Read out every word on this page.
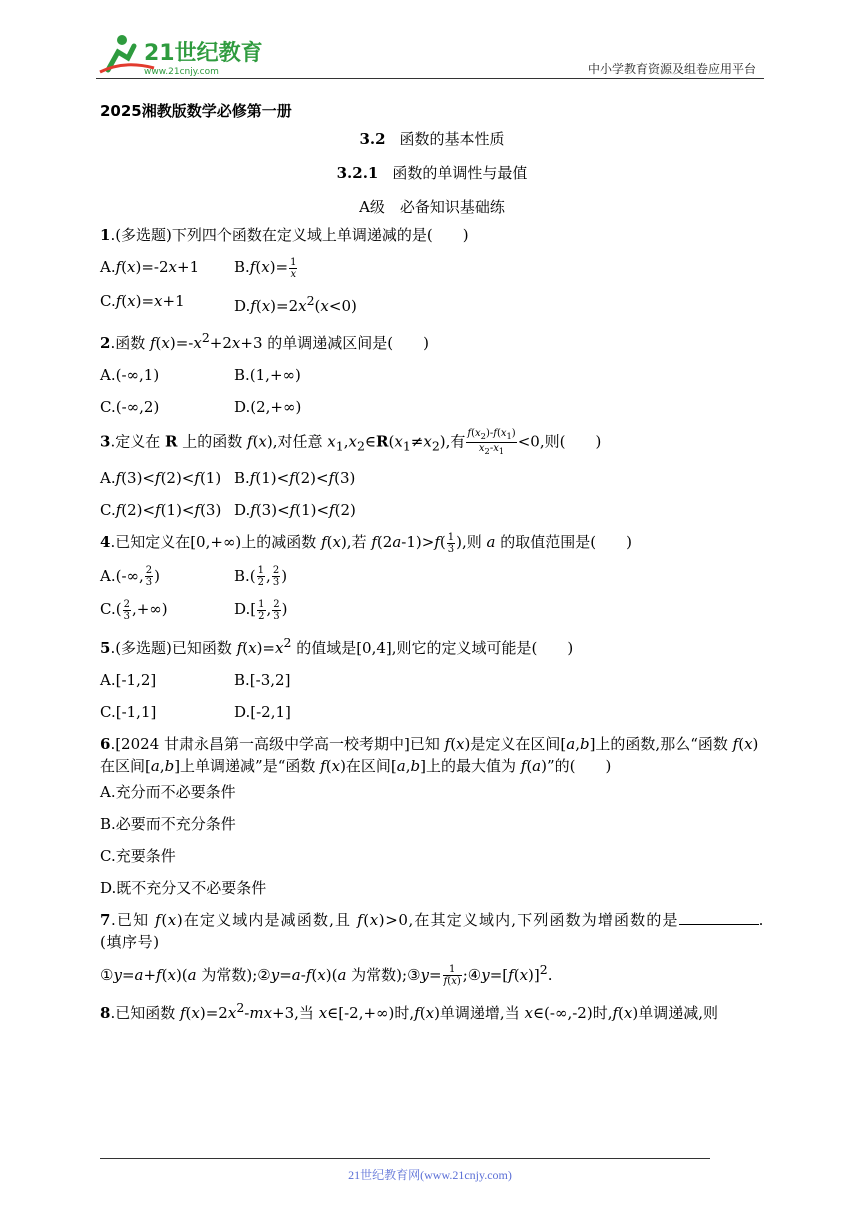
21世纪教育
www.21cnjy.com	中小学教育资源及组卷应用平台
2025湘教版数学必修第一册
3.2 函数的基本性质
3.2.1 函数的单调性与最值
A级　必备知识基础练
1.(多选题)下列四个函数在定义域上单调递减的是( )
A.f(x)=-2x+1	$B.f(x)= \frac{1}{x}$
C.f(x)=x+1	$D.f(x)=2x^2(x<0)$
2.函数 $f(x)=-x^2+2x+3$ 的单调递减区间是( )
A.(-∞,1)	B.(1,+∞)
C.(-∞,2)	D.(2,+∞)
3.定义在 R 上的函数 f(x),对任意 $x_1,x_2\in R(x_1\ne x_2)$,有 $\frac{f(x_2)-f(x_1)}{x_2-x_1} <0$,则( )
A.f(3)<f(2)<f(1) B.f(1)<f(2)<f(3)
C.f(2)<f(1)<f(3) D.f(3)<f(1)<f(2)
4.已知定义在[0,+∞)上的减函数 f(x),若 $f(2a-1)>f( \frac{1}{3}$ ),则 a 的取值范围是( )
A.(-∞, $\frac{2}{3}$ )	$B.( \frac{1}{2}$ , $\frac{2}{3}$ )
$C.( \frac{2}{3}$ ,+∞)	$D.[ \frac{1}{2}$ , $\frac{2}{3}$ )
5.(多选题)已知函数 $f(x)=x^2$ 的值域是[0,4],则它的定义域可能是( )
A.[-1,2]	B.[-3,2]
C.[-1,1]	D.[-2,1]
6.[2024 甘肃永昌第一高级中学高一校考期中]已知 f(x)是定义在区间[a,b]上的函数,那么“函数 f(x)在区间[a,b]上单调递减”是“函数 f(x)在区间[a,b]上的最大值为 f(a)”的( )
A.充分而不必要条件
B.必要而不充分条件
C.充要条件
D.既不充分又不必要条件
7.已知 f(x)在定义域内是减函数,且 f(x)>0,在其定义域内,下列函数为增函数的是	.(填序号)
①y=a+f(x)(a 为常数);②y=a-f(x)(a 为常数);③y= $\frac{1}{f(x)}$ $;④y=[f(x)]^2$.
8.已知函数 $f(x)=2x^2-mx+3$,当 x∈[-2,+∞)时,f(x)单调递增,当 x∈(-∞,-2)时,f(x)单调递减,则
21世纪教育网(www.21cnjy.com)
